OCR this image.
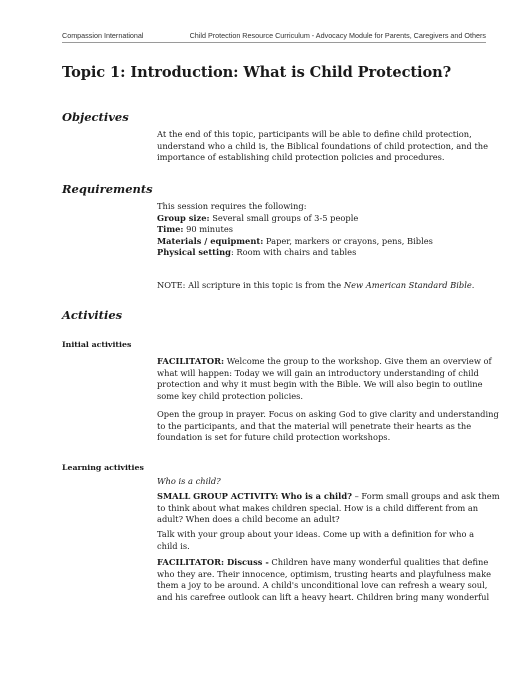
Compassion International	Child Protection Resource Curriculum - Advocacy Module for Parents, Caregivers and Others
Topic 1: Introduction: What is Child Protection?
Objectives
At the end of this topic, participants will be able to define child protection,
understand who a child is, the Biblical foundations of child protection, and the
importance of establishing child protection policies and procedures.
Requirements
This session requires the following:
Group size: Several small groups of 3-5 people
Time: 90 minutes
Materials / equipment: Paper, markers or crayons, pens, Bibles
Physical setting: Room with chairs and tables
NOTE: All scripture in this topic is from the New American Standard Bible.
Activities
Initial activities
FACILITATOR: Welcome the group to the workshop. Give them an overview of
what will happen: Today we will gain an introductory understanding of child
protection and why it must begin with the Bible. We will also begin to outline
some key child protection policies.
Open the group in prayer. Focus on asking God to give clarity and understanding
to the participants, and that the material will penetrate their hearts as the
foundation is set for future child protection workshops.
Learning activities
Who is a child?
SMALL GROUP ACTIVITY: Who is a child? – Form small groups and ask them
to think about what makes children special. How is a child different from an
adult? When does a child become an adult?
Talk with your group about your ideas. Come up with a definition for who a
child is.
FACILITATOR: Discuss - Children have many wonderful qualities that define
who they are. Their innocence, optimism, trusting hearts and playfulness make
them a joy to be around. A child's unconditional love can refresh a weary soul,
and his carefree outlook can lift a heavy heart. Children bring many wonderful
